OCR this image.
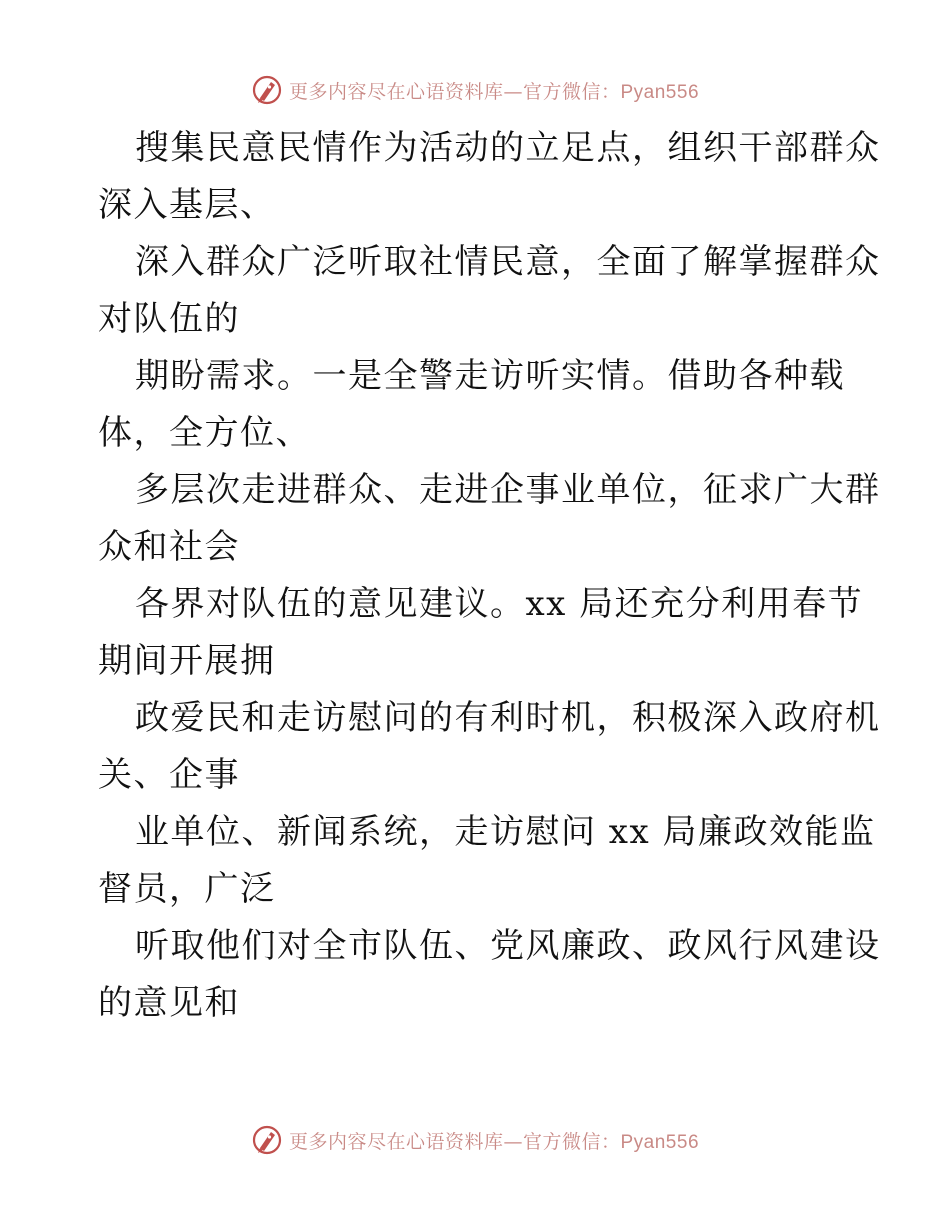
更多内容尽在心语资料库—官方微信：Pyan556

搜集民意民情作为活动的立足点，组织干部群众
深入基层、

深入群众广泛听取社情民意，全面了解掌握群众
对队伍的

期盼需求。一是全警走访听实情。借助各种载
体，全方位、

多层次走进群众、走进企事业单位，征求广大群
众和社会

各界对队伍的意见建议。xx 局还充分利用春节
期间开展拥

政爱民和走访慰问的有利时机，积极深入政府机
关、企事

业单位、新闻系统，走访慰问 xx 局廉政效能监
督员，广泛

听取他们对全市队伍、党风廉政、政风行风建设
的意见和

更多内容尽在心语资料库—官方微信：Pyan556
